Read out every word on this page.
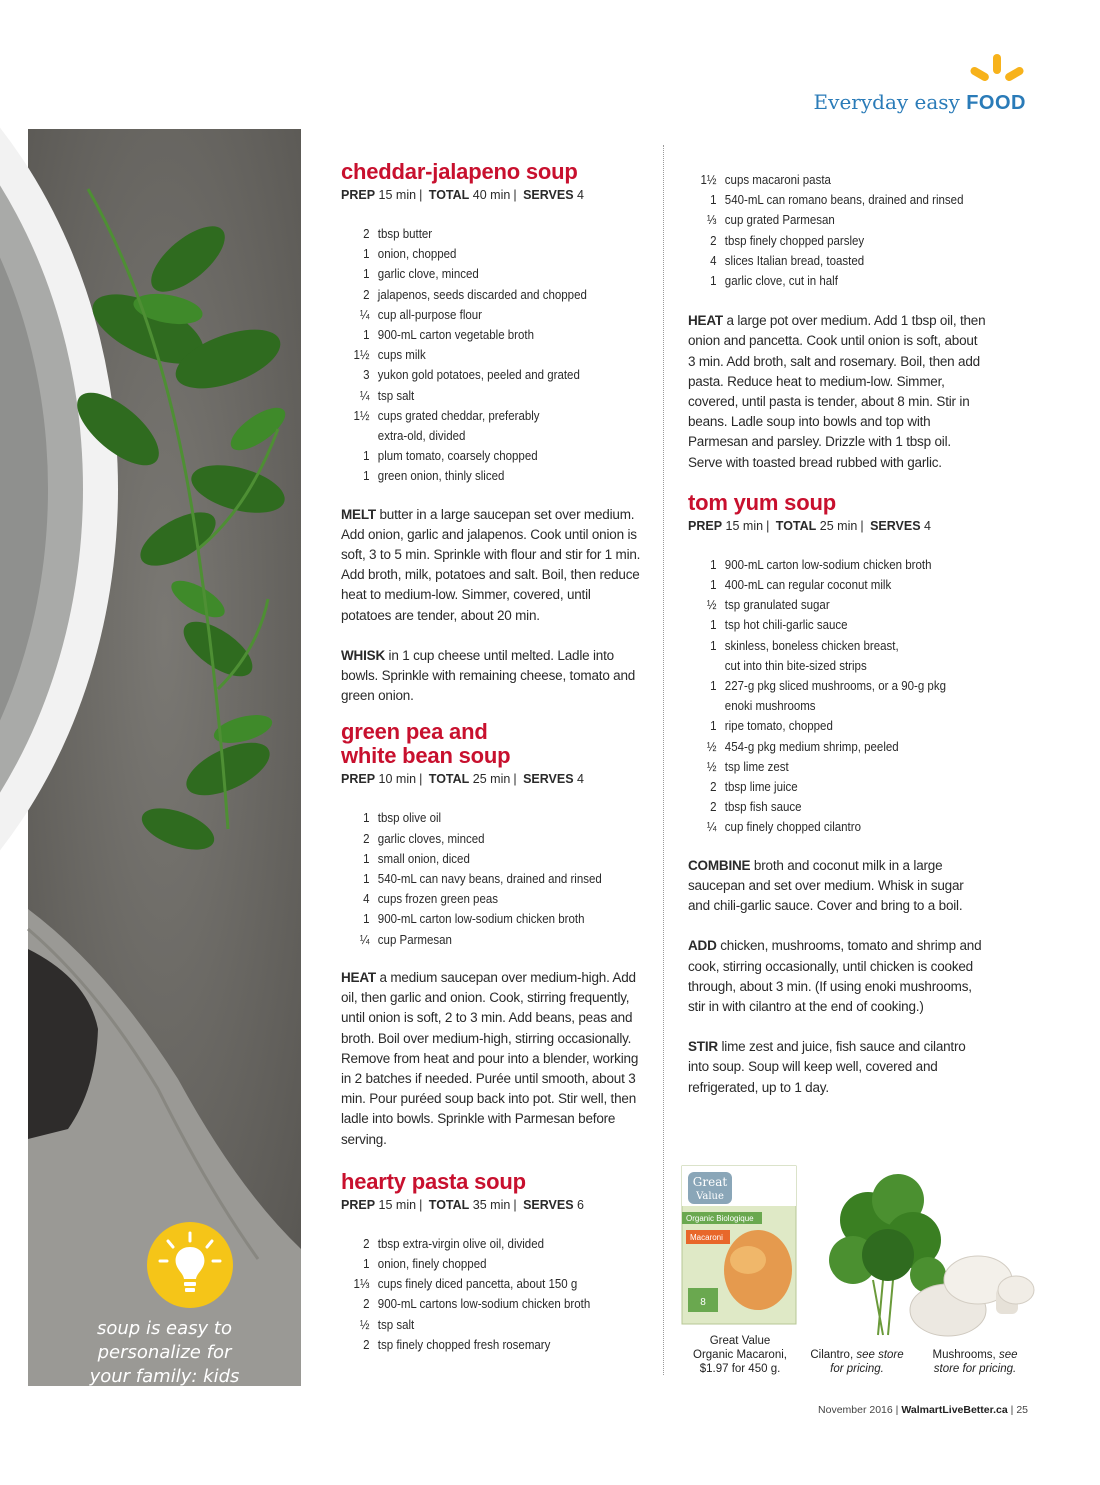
Everyday easy FOOD
soup is easy to
personalize for
your family: kids
not into seafood?
leave it out! prefer
shells to macaroni?
go for it!
cheddar-jalapeno soup
PREP 15 min | TOTAL 40 min | SERVES 4
2 tbsp butter
1 onion, chopped
1 garlic clove, minced
2 jalapenos, seeds discarded and chopped
¼ cup all-purpose flour
1 900-mL carton vegetable broth
1½ cups milk
3 yukon gold potatoes, peeled and grated
¼ tsp salt
1½ cups grated cheddar, preferably
extra-old, divided
1 plum tomato, coarsely chopped
1 green onion, thinly sliced

MELT butter in a large saucepan set over medium. Add onion, garlic and jalapenos. Cook until onion is soft, 3 to 5 min. Sprinkle with flour and stir for 1 min. Add broth, milk, potatoes and salt. Boil, then reduce heat to medium-low. Simmer, covered, until potatoes are tender, about 20 min.

WHISK in 1 cup cheese until melted. Ladle into bowls. Sprinkle with remaining cheese, tomato and green onion.

green pea and
white bean soup
PREP 10 min | TOTAL 25 min | SERVES 4
1 tbsp olive oil
2 garlic cloves, minced
1 small onion, diced
1 540-mL can navy beans, drained and rinsed
4 cups frozen green peas
1 900-mL carton low-sodium chicken broth
¼ cup Parmesan

HEAT a medium saucepan over medium-high. Add oil, then garlic and onion. Cook, stirring frequently, until onion is soft, 2 to 3 min. Add beans, peas and broth. Boil over medium-high, stirring occasionally. Remove from heat and pour into a blender, working in 2 batches if needed. Purée until smooth, about 3 min. Pour puréed soup back into pot. Stir well, then ladle into bowls. Sprinkle with Parmesan before serving.

hearty pasta soup
PREP 15 min | TOTAL 35 min | SERVES 6
2 tbsp extra-virgin olive oil, divided
1 onion, finely chopped
1⅓ cups finely diced pancetta, about 150 g
2 900-mL cartons low-sodium chicken broth
½ tsp salt
2 tsp finely chopped fresh rosemary
1½ cups macaroni pasta
1 540-mL can romano beans, drained and rinsed
⅓ cup grated Parmesan
2 tbsp finely chopped parsley
4 slices Italian bread, toasted
1 garlic clove, cut in half

HEAT a large pot over medium. Add 1 tbsp oil, then onion and pancetta. Cook until onion is soft, about 3 min. Add broth, salt and rosemary. Boil, then add pasta. Reduce heat to medium-low. Simmer, covered, until pasta is tender, about 8 min. Stir in beans. Ladle soup into bowls and top with Parmesan and parsley. Drizzle with 1 tbsp oil. Serve with toasted bread rubbed with garlic.

tom yum soup
PREP 15 min | TOTAL 25 min | SERVES 4
1 900-mL carton low-sodium chicken broth
1 400-mL can regular coconut milk
½ tsp granulated sugar
1 tsp hot chili-garlic sauce
1 skinless, boneless chicken breast,
cut into thin bite-sized strips
1 227-g pkg sliced mushrooms, or a 90-g pkg
enoki mushrooms
1 ripe tomato, chopped
½ 454-g pkg medium shrimp, peeled
½ tsp lime zest
2 tbsp lime juice
2 tbsp fish sauce
¼ cup finely chopped cilantro

COMBINE broth and coconut milk in a large saucepan and set over medium. Whisk in sugar and chili-garlic sauce. Cover and bring to a boil.

ADD chicken, mushrooms, tomato and shrimp and cook, stirring occasionally, until chicken is cooked through, about 3 min. (If using enoki mushrooms, stir in with cilantro at the end of cooking.)

STIR lime zest and juice, fish sauce and cilantro into soup. Soup will keep well, covered and refrigerated, up to 1 day.

Great
Value
Organic Biologique
Macaroni
8
Great Value
Organic Macaroni,
$1.97 for 450 g.
Cilantro, see store
for pricing.
Mushrooms, see
store for pricing.
November 2016 | WalmartLiveBetter.ca | 25
